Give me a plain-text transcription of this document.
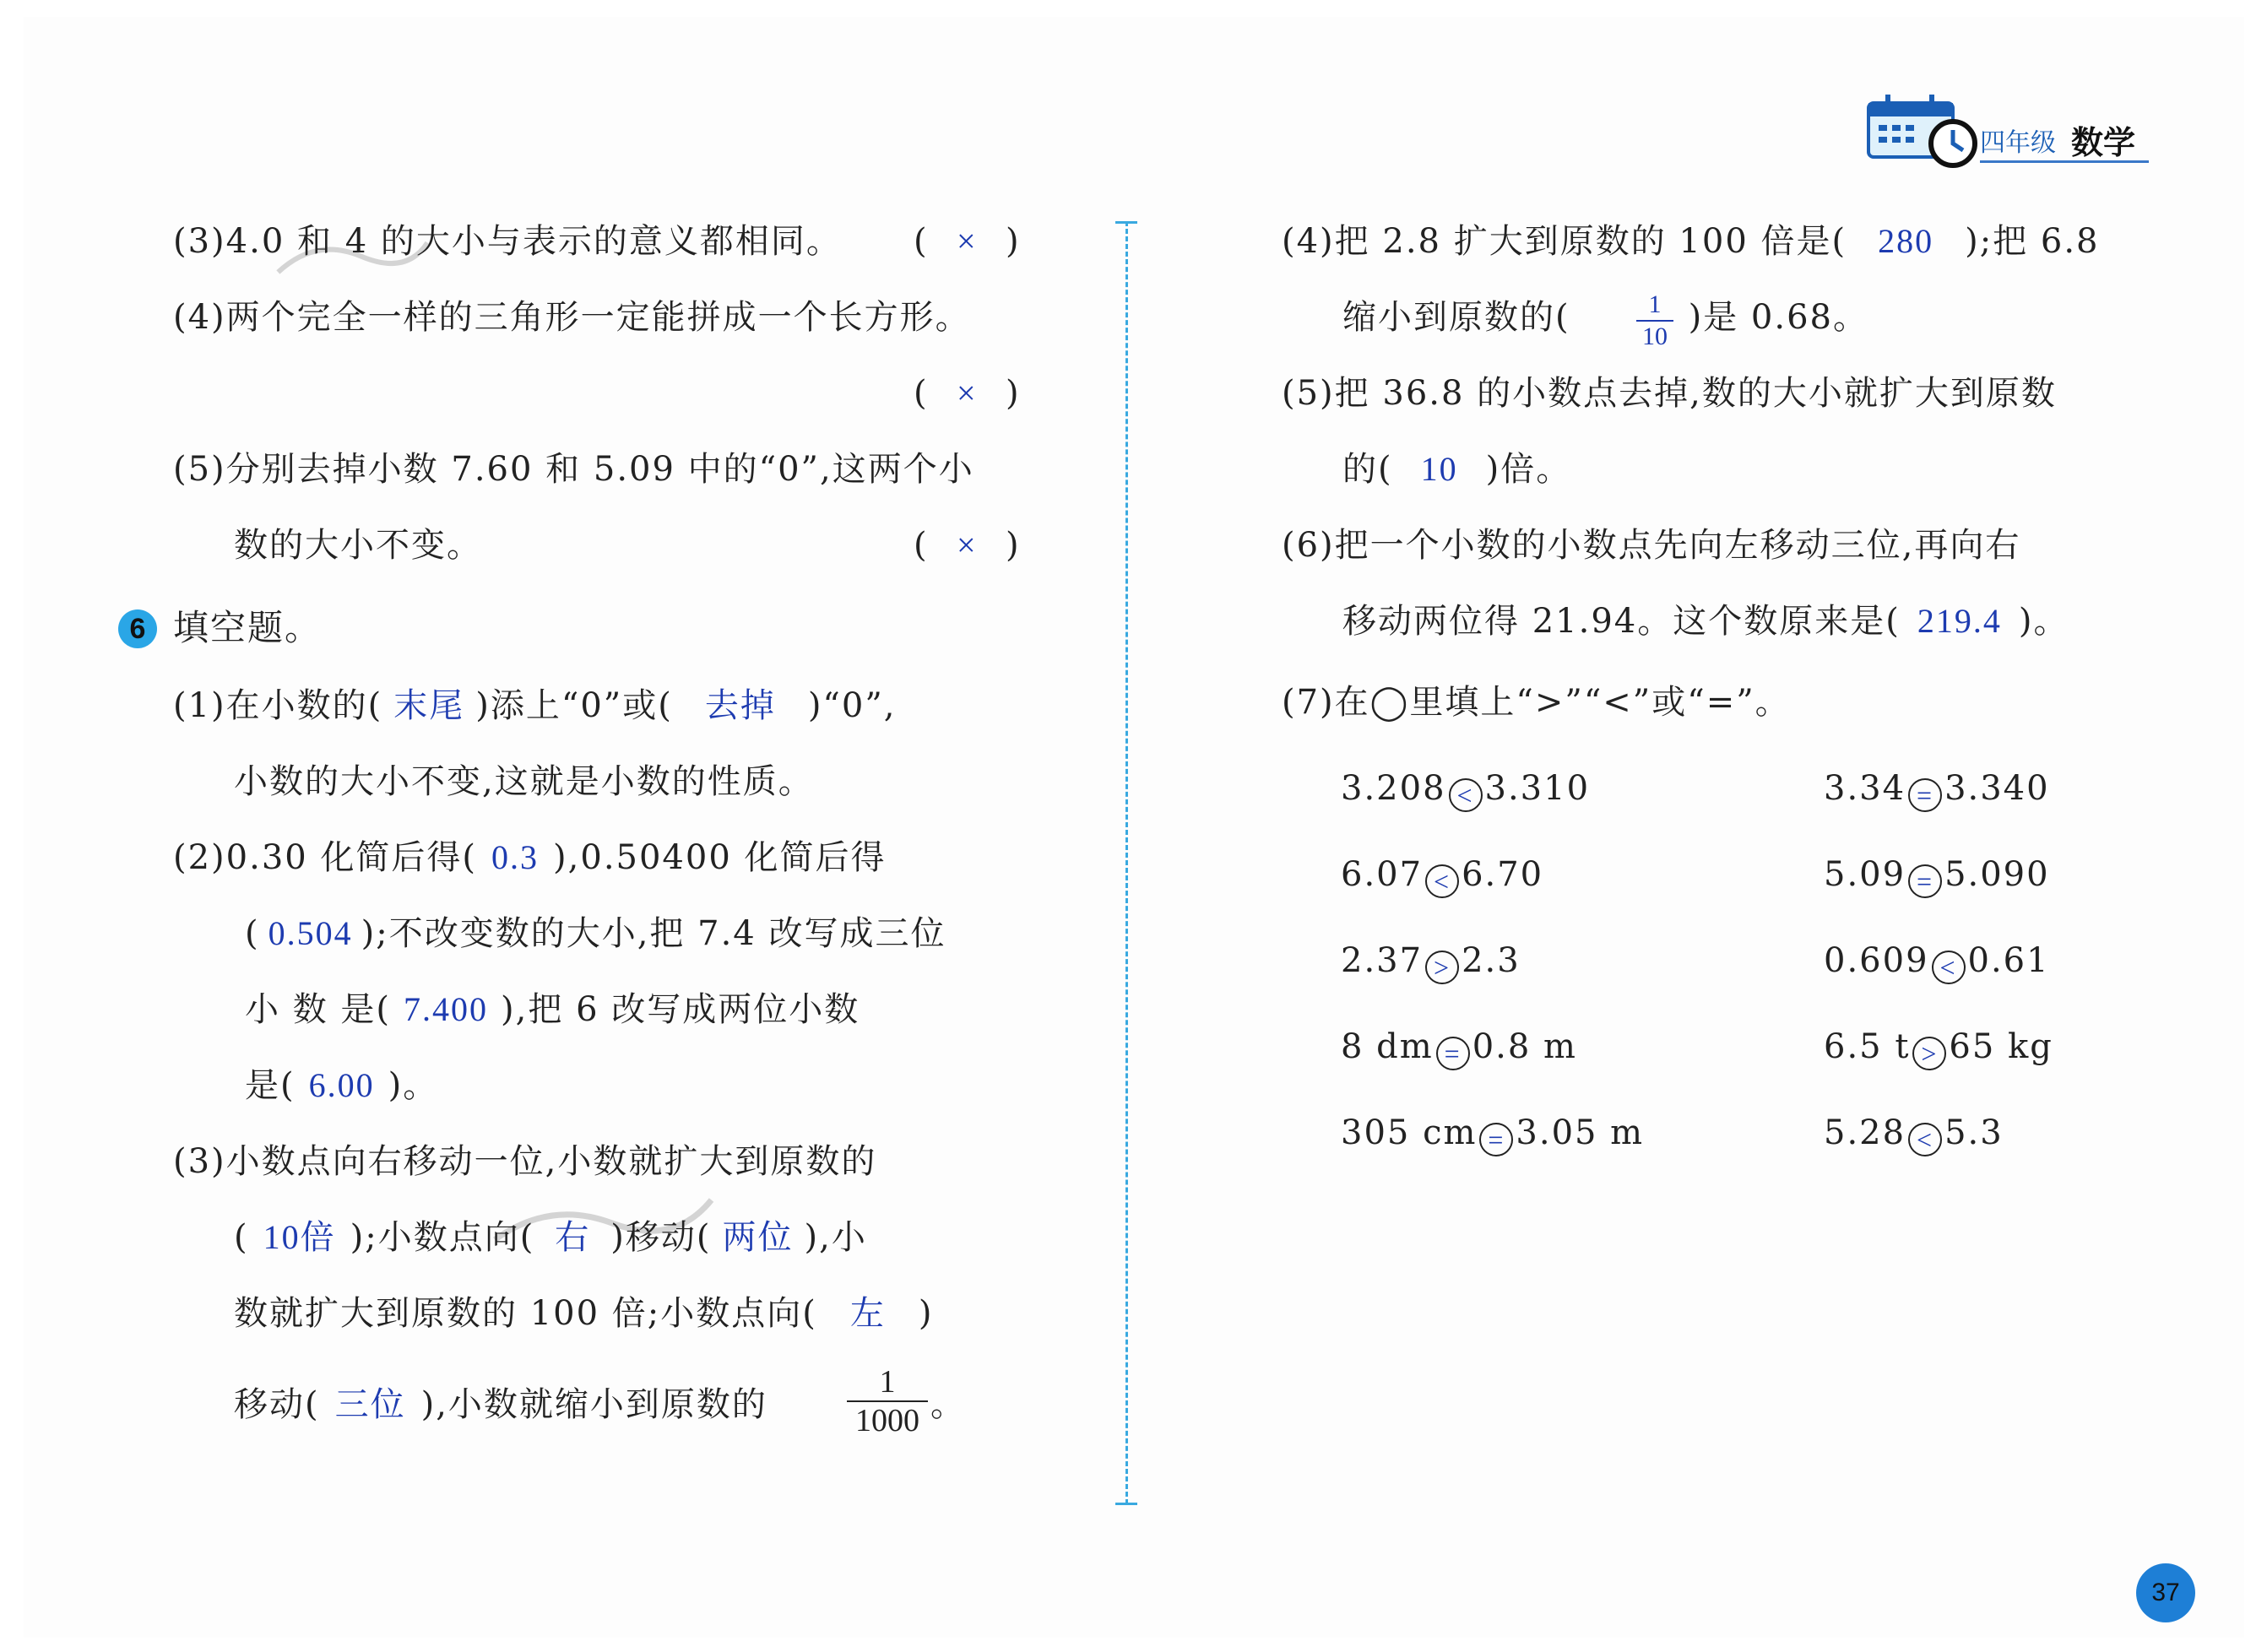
四年级 数学
(3)4.0 和 4 的大小与表示的意义都相同。 ( × )
(4)两个完全一样的三角形一定能拼成一个长方形。
( × )
(5)分别去掉小数 7.60 和 5.09 中的“0”,这两个小
数的大小不变。	( × )
6 填空题。
(1)在小数的( 末尾 )添上“0”或( 去掉 )“0”,
小数的大小不变,这就是小数的性质。
(2)0.30 化简后得( 0.3 ),0.50400 化简后得
( 0.504 );不改变数的大小,把 7.4 改写成三位
小 数 是( 7.400 ),把 6 改写成两位小数
是( 6.00 )。
(3)小数点向右移动一位,小数就扩大到原数的
( 10倍 );小数点向( 右 )移动( 两位 ),小
数就扩大到原数的 100 倍;小数点向( 左 )
移动( 三位 ),小数就缩小到原数的
1
1000 。
(4)把 2.8 扩大到原数的 100 倍是( 280 );把 6.8
缩小到原数的(	)是 0.68。
1
10
(5)把 36.8 的小数点去掉,数的大小就扩大到原数
的( 10 )倍。
(6)把一个小数的小数点先向左移动三位,再向右
移动两位得 21.94。这个数原来是( 219.4 )。
(7)在◯里填上“>”“<”或“=”。
3.208 < 3.310	3.34 = 3.340
6.07 < 6.70	5.09 = 5.090
2.37 > 2.3	0.609 < 0.61
8 dm = 0.8 m	6.5 t > 65 kg
305 cm = 3.05 m	5.28 < 5.3
37
